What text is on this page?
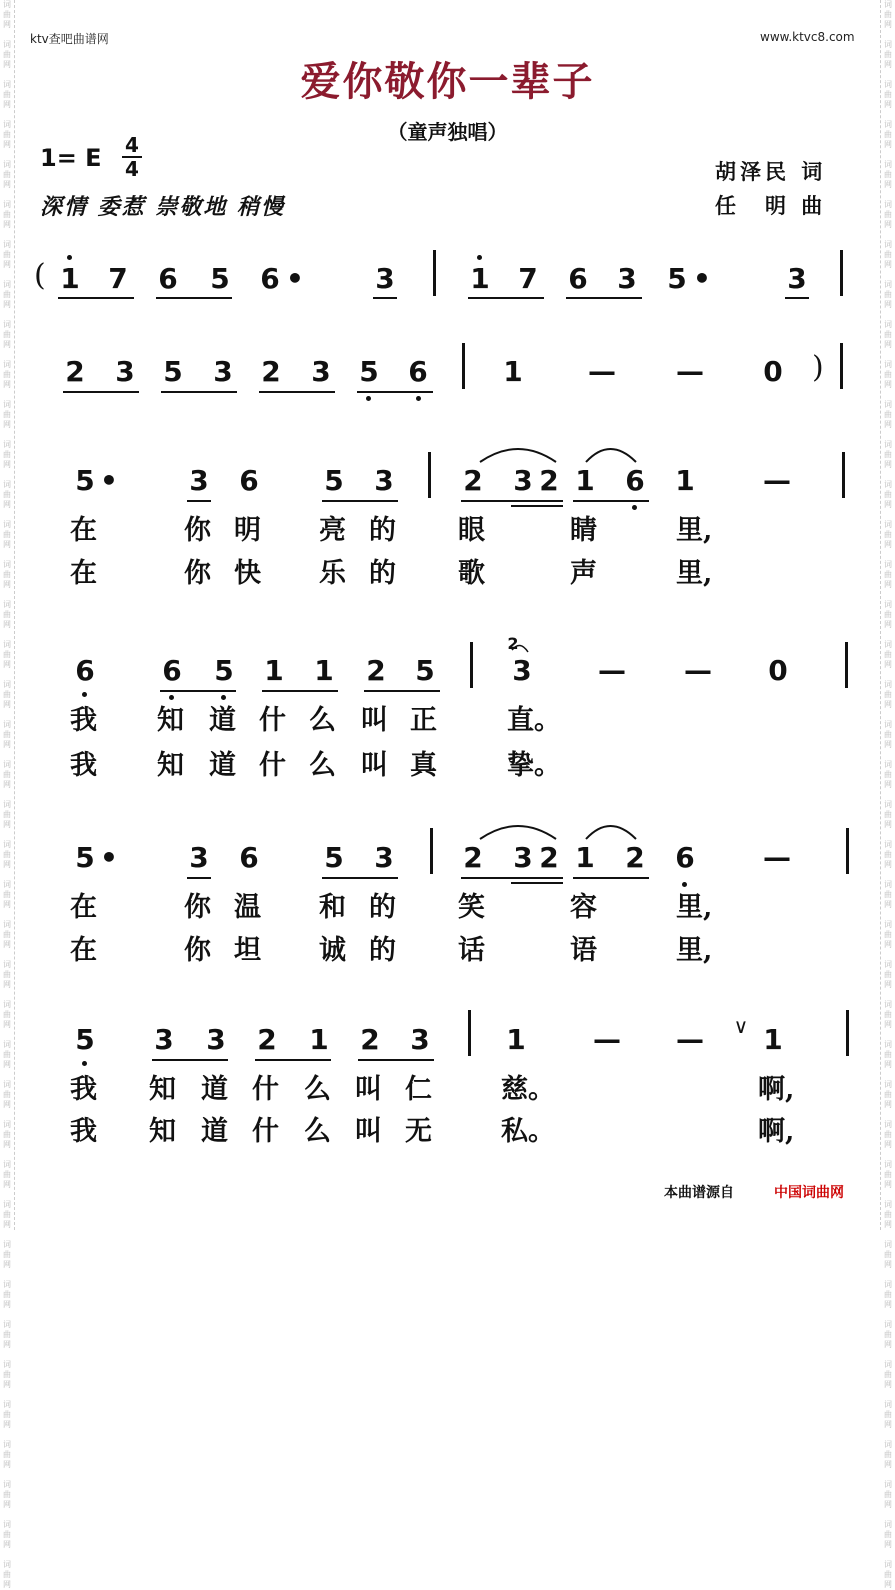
词
曲
网

词
曲
网

词
曲
网

词
曲
网

词
曲
网

词
曲
网

词
曲
网

词
曲
网

词
曲
网

词
曲
网

词
曲
网

词
曲
网

词
曲
网

词
曲
网

词
曲
网

词
曲
网

词
曲
网

词
曲
网

词
曲
网

词
曲
网

词
曲
网

词
曲
网

词
曲
网

词
曲
网

词
曲
网

词
曲
网

词
曲
网

词
曲
网

词
曲
网

词
曲
网

词
曲
网

词
曲
网

词
曲
网

词
曲
网

词
曲
网

词
曲
网

词
曲
网

词
曲
网

词
曲
网

词
曲
网

词
曲
网

词
曲
网

词
曲
网

词
曲
网

词
曲
网

词
曲
网

词
曲
网

词
曲
网

词
曲
网

词
曲
网

词
曲
网

词
曲
网

词
曲
网

词
曲
网

词
曲
网

词
曲
网

词
曲
网

词
曲
网

词
曲
网

词
曲
网

词
曲
网

词
曲
网

词
曲
网

词
曲
网

词
曲
网

词
曲
网

词
曲
网

词
曲
网

词
曲
网

词
曲
网

词
曲
网

词
曲
网

词
曲
网

词
曲
网

词
曲
网

词
曲
网

词
曲
网

词
曲
网

词
曲
网

词
曲
网

ktv查吧曲谱网	www.ktvc8.com
爱你敬你一辈子
（童声独唱）
1= E	4
4
深情 委惹 崇敬地 稍慢
胡泽民 词
任　明 曲
( 1 7 6 5 6 •	3	1 7 6 3 5 •	3
2 3 5 3 2 3 5 6	1 — — 0 )
5 •	3 6 5 3 2 3 2 1 6 1 —
在	你 明 亮 的 眼	睛	里,
在	你 快 乐 的 歌	声	里,
6 6 5 1 1 2 5
2
3 — — 0
我 知 道 什 么 叫 正	直。
我 知 道 什 么 叫 真	挚。
5 •	3 6 5 3 2 3 2 1 2 6 —
在	你 温 和 的 笑	容	里,
在	你 坦 诚 的 话	语	里,
5 3 3 2 1 2 3	1 — —	∨ 1
我 知 道 什 么 叫 仁	慈。	啊,
我 知 道 什 么 叫 无	私。	啊,
本曲谱源自	中国词曲网
